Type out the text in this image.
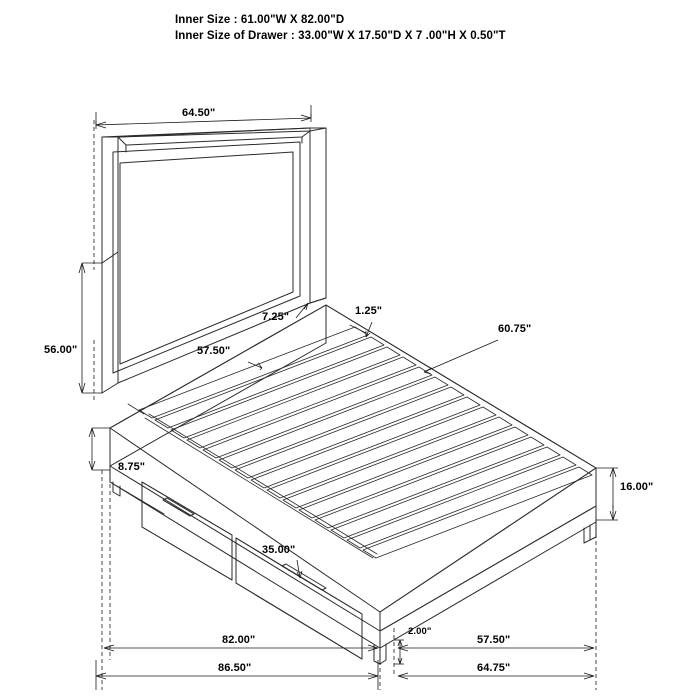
Inner Size : 61.00"W X 82.00"D
Inner Size of Drawer : 33.00"W X 17.50"D X 7 .00"H X 0.50"T
64.50"
56.00"
7.25"	1.25"
57.50"
60.75"
8.75"
16.00"
35.00"
82.00"
86.50"
2.00"
57.50"
64.75"
